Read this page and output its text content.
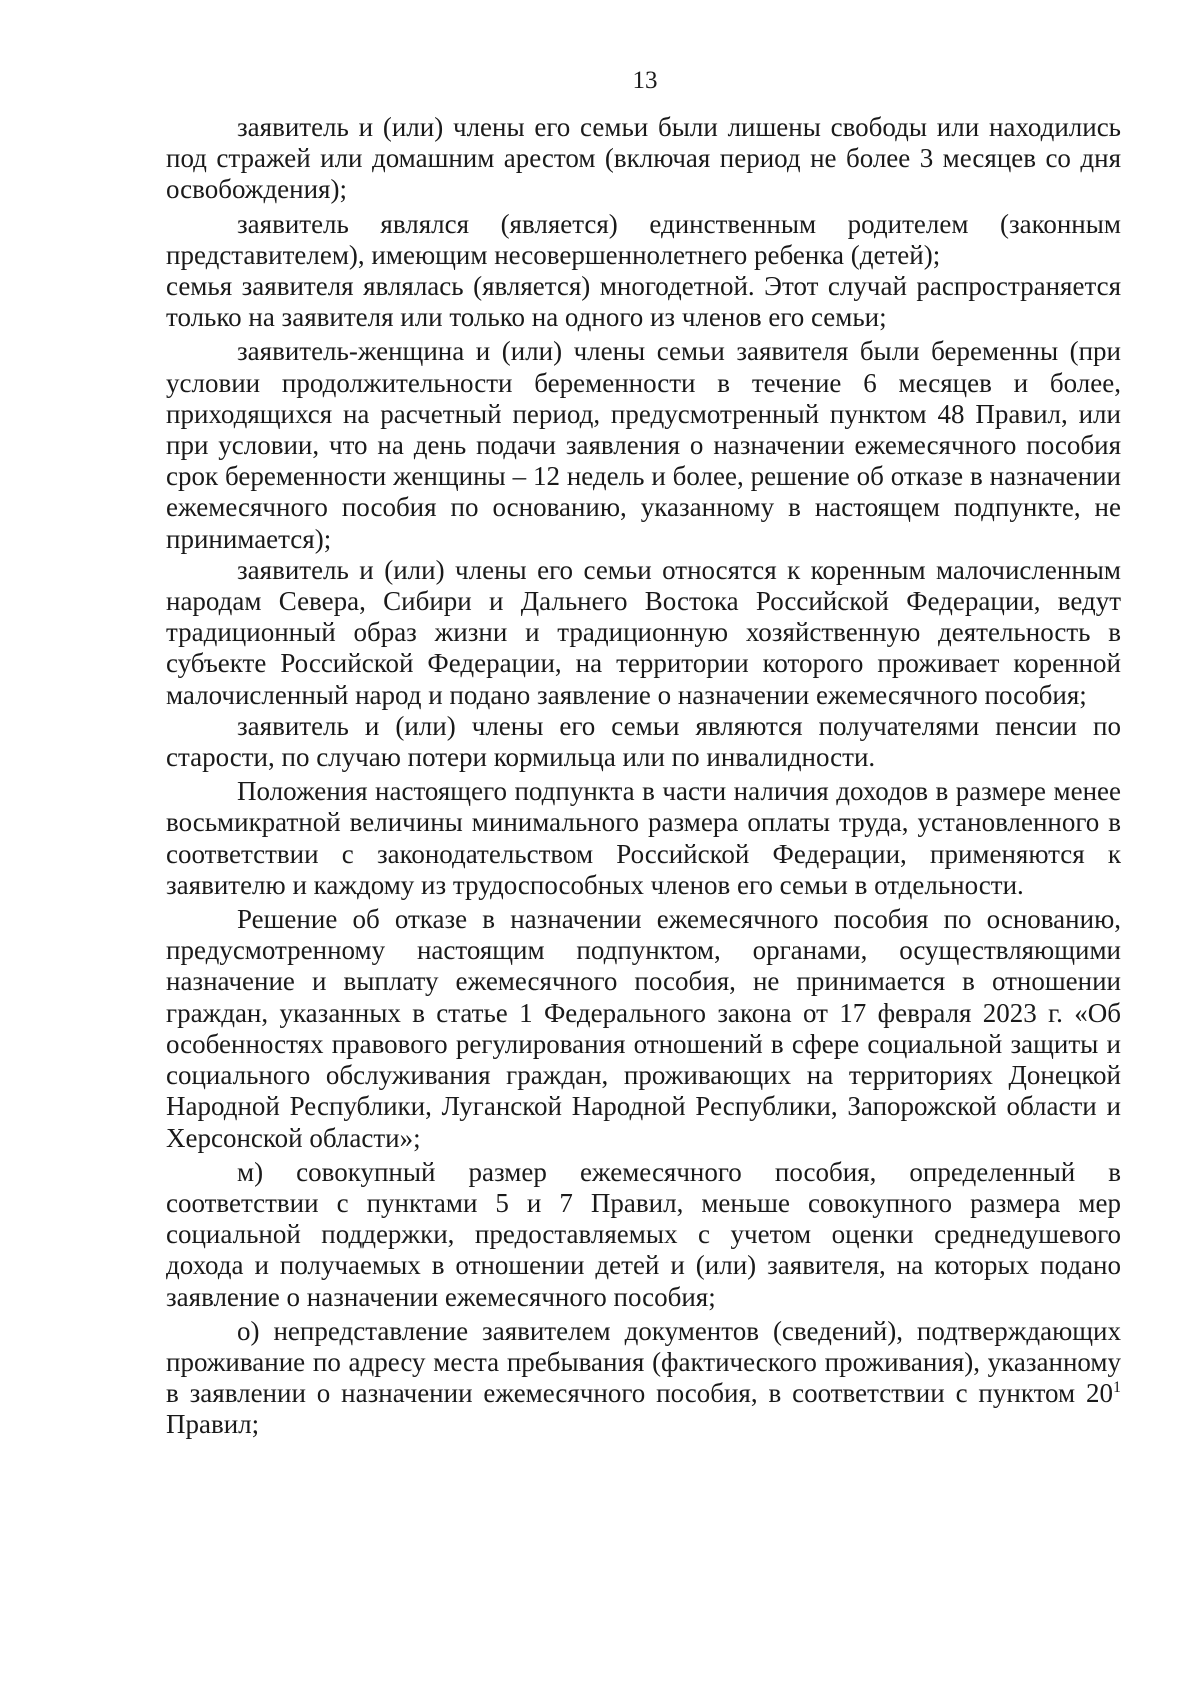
13

заявитель и (или) члены его семьи были лишены свободы или находились под стражей или домашним арестом (включая период не более 3 месяцев со дня освобождения);

заявитель являлся (является) единственным родителем (законным представителем), имеющим несовершеннолетнего ребенка (детей);

семья заявителя являлась (является) многодетной. Этот случай распространяется только на заявителя или только на одного из членов его семьи;

заявитель-женщина и (или) члены семьи заявителя были беременны (при условии продолжительности беременности в течение 6 месяцев и более, приходящихся на расчетный период, предусмотренный пунктом 48 Правил, или при условии, что на день подачи заявления о назначении ежемесячного пособия срок беременности женщины – 12 недель и более, решение об отказе в назначении ежемесячного пособия по основанию, указанному в настоящем подпункте, не принимается);

заявитель и (или) члены его семьи относятся к коренным малочисленным народам Севера, Сибири и Дальнего Востока Российской Федерации, ведут традиционный образ жизни и традиционную хозяйственную деятельность в субъекте Российской Федерации, на территории которого проживает коренной малочисленный народ и подано заявление о назначении ежемесячного пособия;

заявитель и (или) члены его семьи являются получателями пенсии по старости, по случаю потери кормильца или по инвалидности.

Положения настоящего подпункта в части наличия доходов в размере менее восьмикратной величины минимального размера оплаты труда, установленного в соответствии с законодательством Российской Федерации, применяются к заявителю и каждому из трудоспособных членов его семьи в отдельности.

Решение об отказе в назначении ежемесячного пособия по основанию, предусмотренному настоящим подпунктом, органами, осуществляющими назначение и выплату ежемесячного пособия, не принимается в отношении граждан, указанных в статье 1 Федерального закона от 17 февраля 2023 г. «Об особенностях правового регулирования отношений в сфере социальной защиты и социального обслуживания граждан, проживающих на территориях Донецкой Народной Республики, Луганской Народной Республики, Запорожской области и Херсонской области»;

м) совокупный размер ежемесячного пособия, определенный в соответствии с пунктами 5 и 7 Правил, меньше совокупного размера мер социальной поддержки, предоставляемых с учетом оценки среднедушевого дохода и получаемых в отношении детей и (или) заявителя, на которых подано заявление о назначении ежемесячного пособия;

о) непредставление заявителем документов (сведений), подтверждающих проживание по адресу места пребывания (фактического проживания), указанному в заявлении о назначении ежемесячного пособия, в соответствии с пунктом $20^1$ Правил;
